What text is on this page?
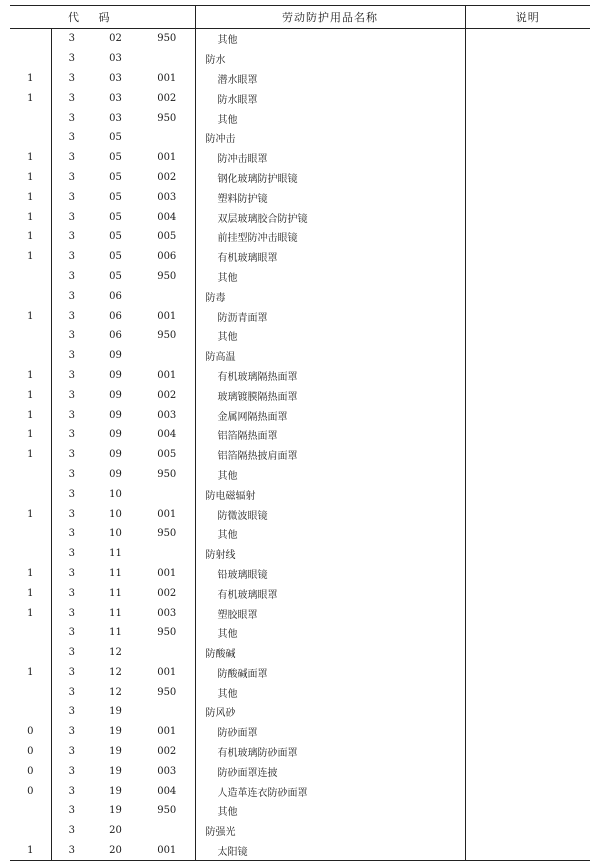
代 码				劳动防护用品名称	说明
	3	02	950	其他	
	3	03		防水	
1	3	03	001	潜水眼罩	
1	3	03	002	防水眼罩	
	3	03	950	其他	
	3	05		防冲击	
1	3	05	001	防冲击眼罩	
1	3	05	002	钢化玻璃防护眼镜	
1	3	05	003	塑料防护镜	
1	3	05	004	双层玻璃胶合防护镜	
1	3	05	005	前挂型防冲击眼镜	
1	3	05	006	有机玻璃眼罩	
	3	05	950	其他	
	3	06		防毒	
1	3	06	001	防沥青面罩	
	3	06	950	其他	
	3	09		防高温	
1	3	09	001	有机玻璃隔热面罩	
1	3	09	002	玻璃镀膜隔热面罩	
1	3	09	003	金属网隔热面罩	
1	3	09	004	铝箔隔热面罩	
1	3	09	005	铝箔隔热披肩面罩	
	3	09	950	其他	
	3	10		防电磁辐射	
1	3	10	001	防微波眼镜	
	3	10	950	其他	
	3	11		防射线	
1	3	11	001	铅玻璃眼镜	
1	3	11	002	有机玻璃眼罩	
1	3	11	003	塑胶眼罩	
	3	11	950	其他	
	3	12		防酸碱	
1	3	12	001	防酸碱面罩	
	3	12	950	其他	
	3	19		防风砂	
0	3	19	001	防砂面罩	
0	3	19	002	有机玻璃防砂面罩	
0	3	19	003	防砂面罩连披	
0	3	19	004	人造革连衣防砂面罩	
	3	19	950	其他	
	3	20		防强光	
1	3	20	001	太阳镜	
